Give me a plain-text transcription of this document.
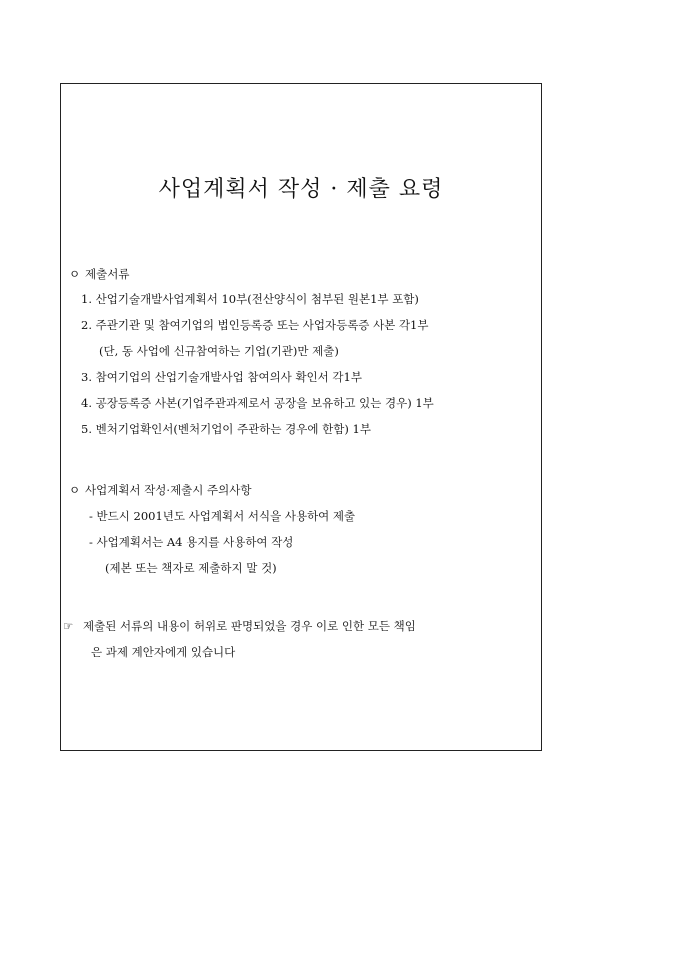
사업계획서 작성 · 제출 요령
ㅇ 제출서류
1. 산업기술개발사업계획서 10부(전산양식이 첨부된 원본1부 포함)
2. 주관기관 및 참여기업의 법인등록증 또는 사업자등록증 사본 각1부
(단, 동 사업에 신규참여하는 기업(기관)만 제출)
3. 참여기업의 산업기술개발사업 참여의사 확인서 각1부
4. 공장등록증 사본(기업주관과제로서 공장을 보유하고 있는 경우) 1부
5. 벤처기업확인서(벤처기업이 주관하는 경우에 한함) 1부
ㅇ 사업계획서 작성·제출시 주의사항
- 반드시 2001년도 사업계획서 서식을 사용하여 제출
- 사업계획서는 A4 용지를 사용하여 작성
(제본 또는 책자로 제출하지 말 것)
☞ 제출된 서류의 내용이 허위로 판명되었을 경우 이로 인한 모든 책임
은 과제 계안자에게 있습니다
